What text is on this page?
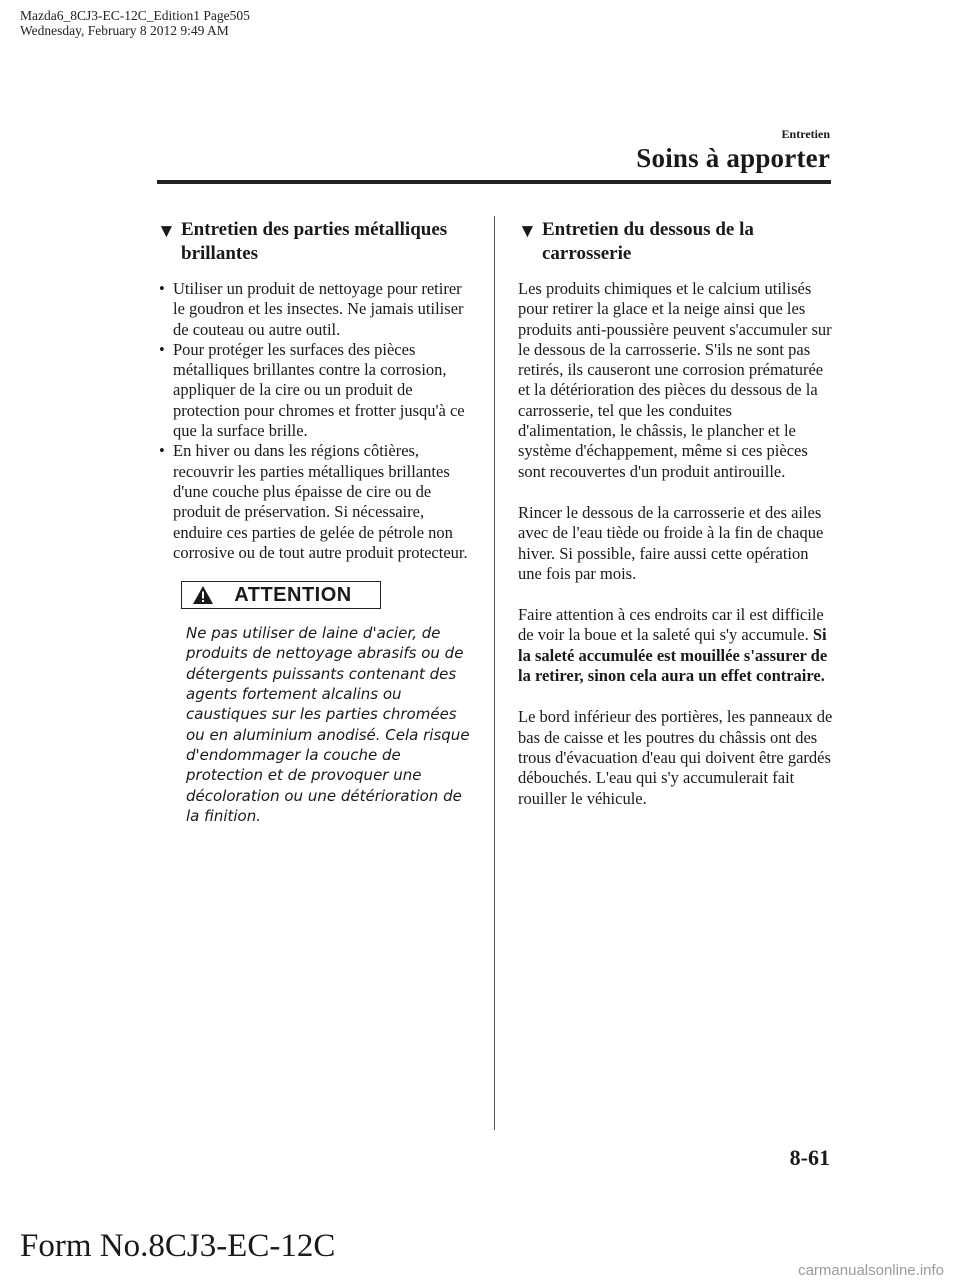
Mazda6_8CJ3-EC-12C_Edition1 Page505
Wednesday, February 8 2012 9:49 AM
Entretien
Soins à apporter
▼ Entretien des parties métalliques brillantes
• Utiliser un produit de nettoyage pour retirer le goudron et les insectes. Ne jamais utiliser de couteau ou autre outil.
• Pour protéger les surfaces des pièces métalliques brillantes contre la corrosion, appliquer de la cire ou un produit de protection pour chromes et frotter jusqu'à ce que la surface brille.
• En hiver ou dans les régions côtières, recouvrir les parties métalliques brillantes d'une couche plus épaisse de cire ou de produit de préservation. Si nécessaire, enduire ces parties de gelée de pétrole non corrosive ou de tout autre produit protecteur.
ATTENTION
Ne pas utiliser de laine d'acier, de produits de nettoyage abrasifs ou de détergents puissants contenant des agents fortement alcalins ou caustiques sur les parties chromées ou en aluminium anodisé. Cela risque d'endommager la couche de protection et de provoquer une décoloration ou une détérioration de la finition.
▼ Entretien du dessous de la carrosserie

Les produits chimiques et le calcium utilisés pour retirer la glace et la neige ainsi que les produits anti-poussière peuvent s'accumuler sur le dessous de la carrosserie. S'ils ne sont pas retirés, ils causeront une corrosion prématurée et la détérioration des pièces du dessous de la carrosserie, tel que les conduites d'alimentation, le châssis, le plancher et le système d'échappement, même si ces pièces sont recouvertes d'un produit antirouille.

Rincer le dessous de la carrosserie et des ailes avec de l'eau tiède ou froide à la fin de chaque hiver. Si possible, faire aussi cette opération une fois par mois.

Faire attention à ces endroits car il est difficile de voir la boue et la saleté qui s'y accumule. Si la saleté accumulée est mouillée s'assurer de la retirer, sinon cela aura un effet contraire.

Le bord inférieur des portières, les panneaux de bas de caisse et les poutres du châssis ont des trous d'évacuation d'eau qui doivent être gardés débouchés. L'eau qui s'y accumulerait fait rouiller le véhicule.

8-61
Form No.8CJ3-EC-12C
carmanualsonline.info
